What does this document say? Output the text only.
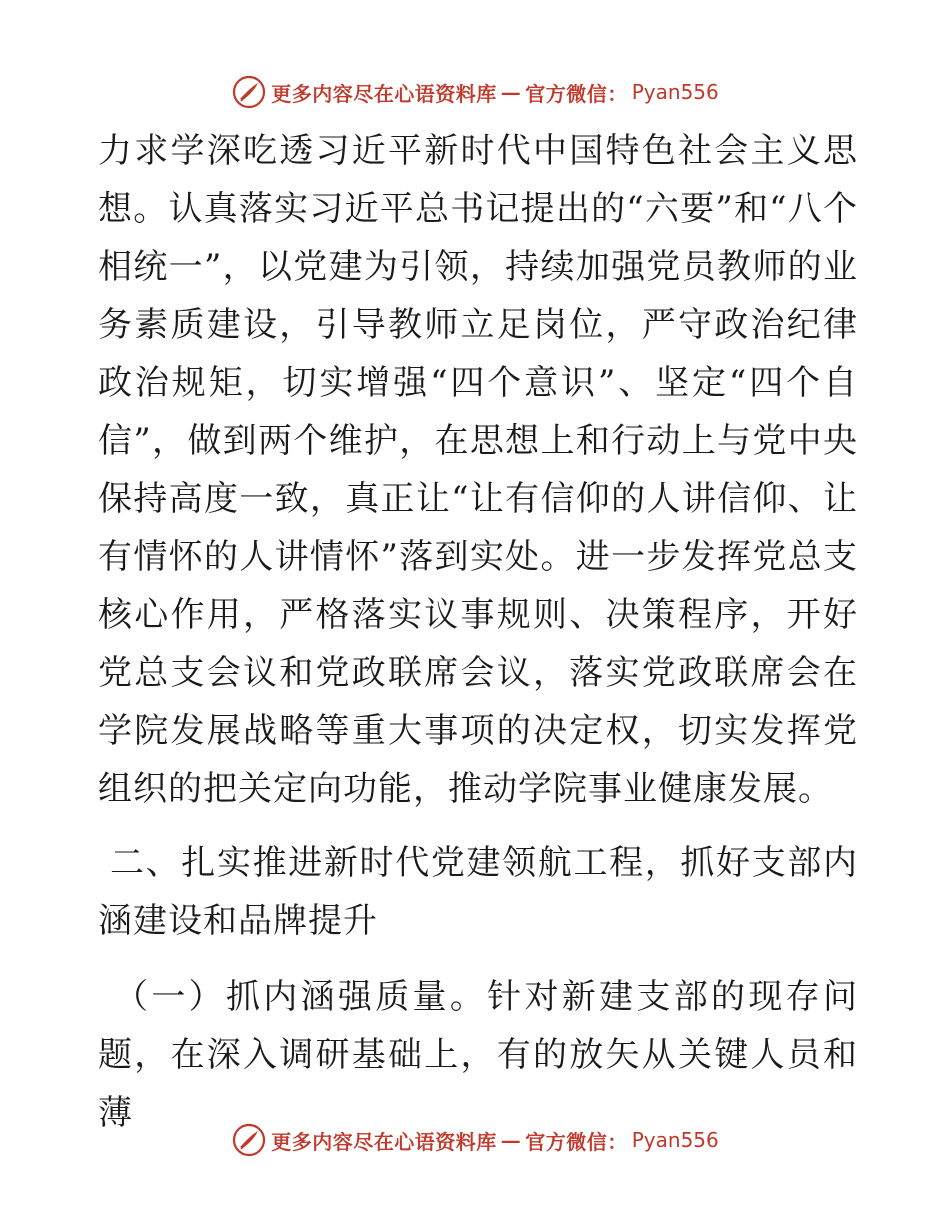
更多内容尽在心语资料库 — 官方微信： Pyan556

力求学深吃透习近平新时代中国特色社会主义思想。认真落实习近平总书记提出的“六要”和“八个相统一”，以党建为引领，持续加强党员教师的业务素质建设，引导教师立足岗位，严守政治纪律政治规矩，切实增强“四个意识”、坚定“四个自信”，做到两个维护，在思想上和行动上与党中央保持高度一致，真正让“让有信仰的人讲信仰、让有情怀的人讲情怀”落到实处。进一步发挥党总支核心作用，严格落实议事规则、决策程序，开好党总支会议和党政联席会议，落实党政联席会在学院发展战略等重大事项的决定权，切实发挥党组织的把关定向功能，推动学院事业健康发展。

二、扎实推进新时代党建领航工程，抓好支部内涵建设和品牌提升

（一）抓内涵强质量。针对新建支部的现存问题，在深入调研基础上，有的放矢从关键人员和薄

更多内容尽在心语资料库 — 官方微信： Pyan556
